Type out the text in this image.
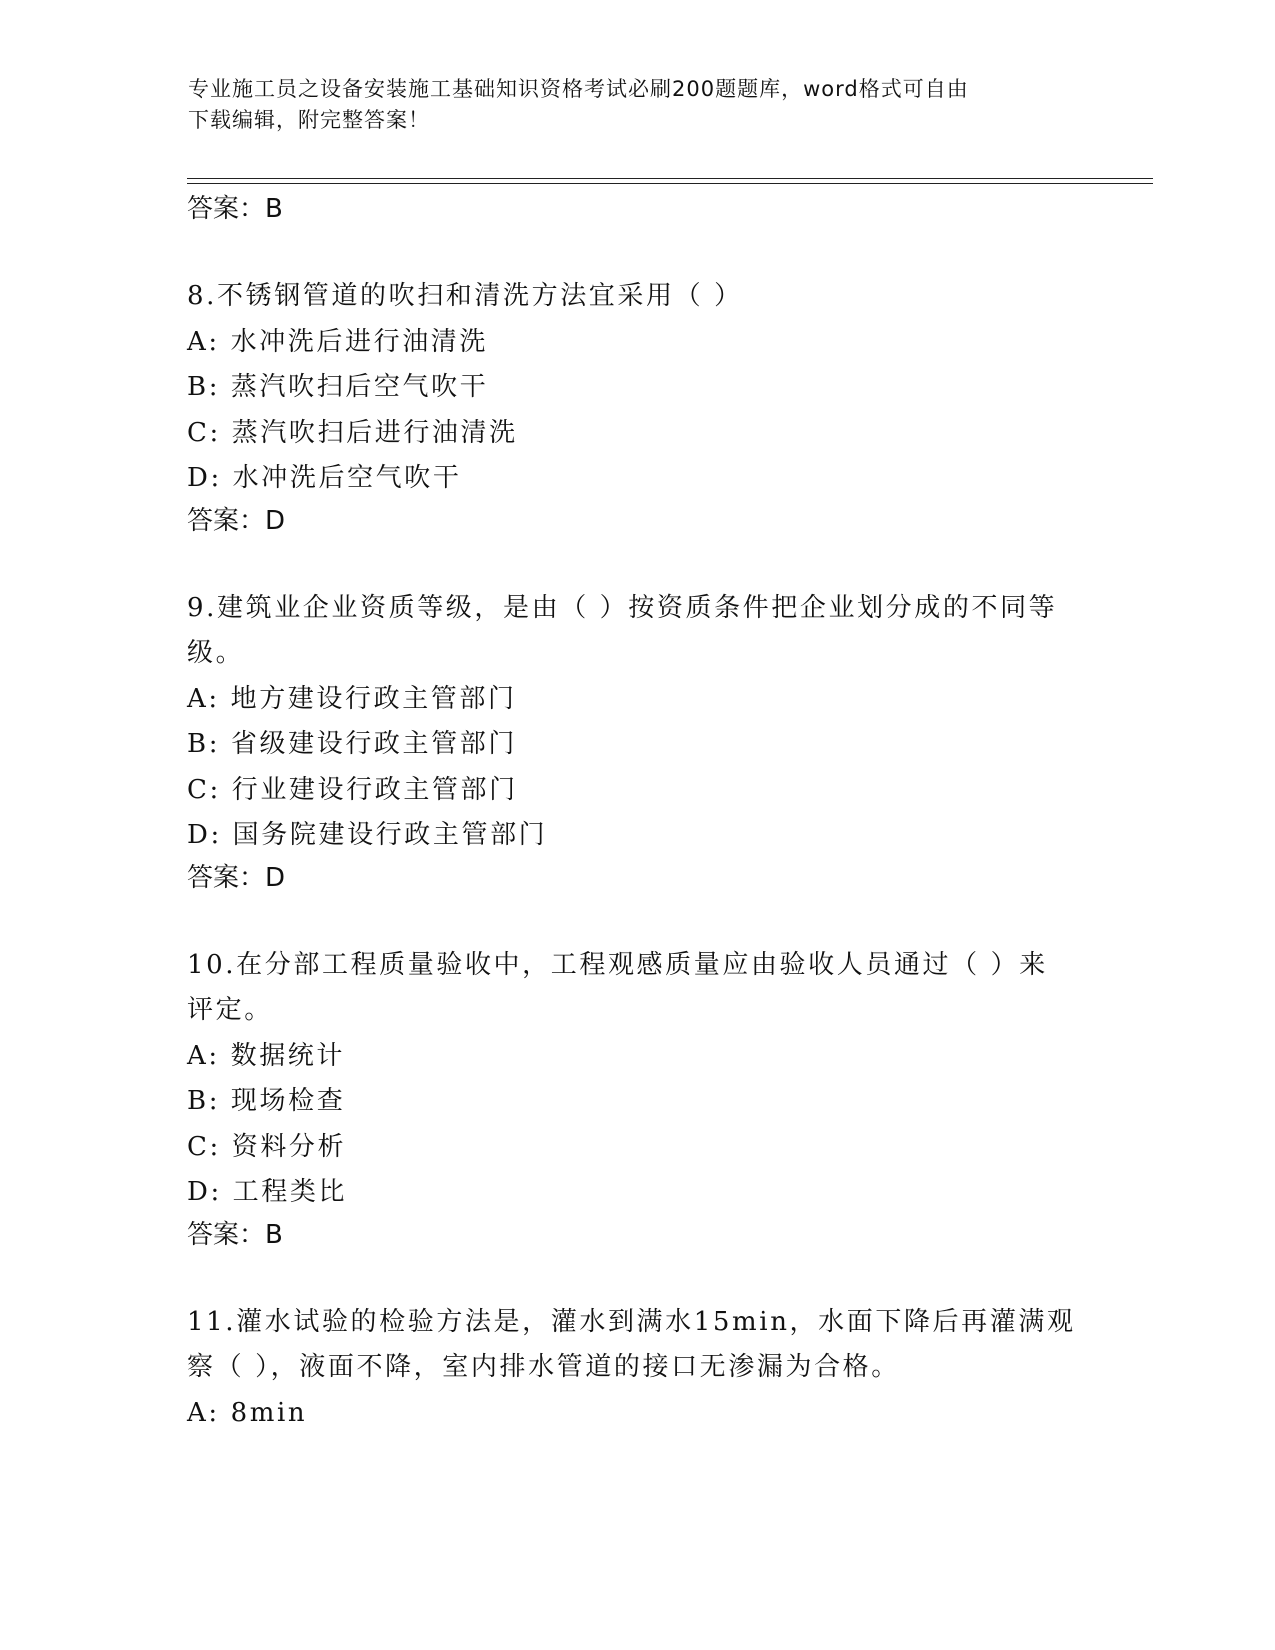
专业施工员之设备安装施工基础知识资格考试必刷200题题库，word格式可自由
下载编辑，附完整答案！
答案：B
8.不锈钢管道的吹扫和清洗方法宜采用（ ）
A: 水冲洗后进行油清洗
B: 蒸汽吹扫后空气吹干
C: 蒸汽吹扫后进行油清洗
D: 水冲洗后空气吹干
答案：D
9.建筑业企业资质等级，是由（ ）按资质条件把企业划分成的不同等
级。
A: 地方建设行政主管部门
B: 省级建设行政主管部门
C: 行业建设行政主管部门
D: 国务院建设行政主管部门
答案：D
10.在分部工程质量验收中，工程观感质量应由验收人员通过（ ）来
评定。
A: 数据统计
B: 现场检查
C: 资料分析
D: 工程类比
答案：B
11.灌水试验的检验方法是，灌水到满水15min，水面下降后再灌满观
察（ ），液面不降，室内排水管道的接口无渗漏为合格。
A: 8min
